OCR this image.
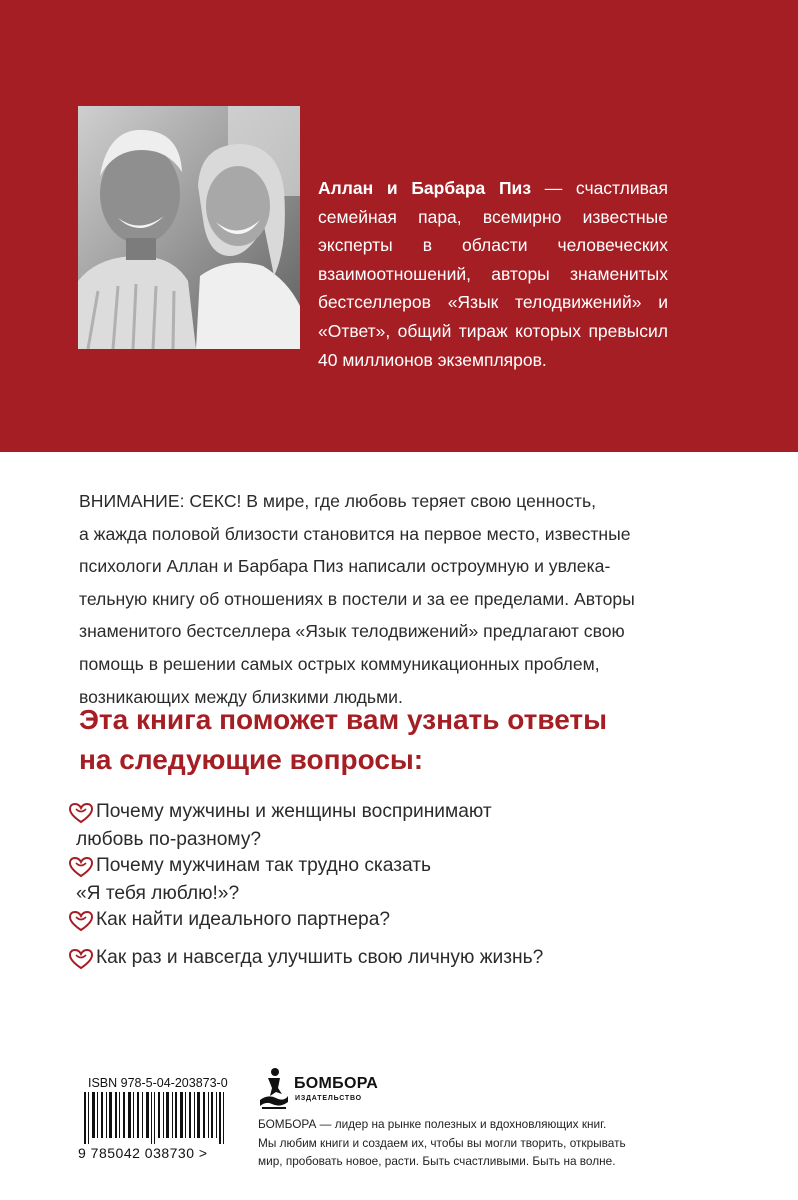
Аллан и Барбара Пиз — счастливая семейная пара, всемирно известные эксперты в области человеческих взаимоотношений, авторы знаменитых бестселлеров «Язык телодвижений» и «Ответ», общий тираж которых превысил 40 миллионов экземпляров.
ВНИМАНИЕ: СЕКС! В мире, где любовь теряет свою ценность,
а жажда половой близости становится на первое место, известные
психологи Аллан и Барбара Пиз написали остроумную и увлека-
тельную книгу об отношениях в постели и за ее пределами. Авторы
знаменитого бестселлера «Язык телодвижений» предлагают свою
помощь в решении самых острых коммуникационных проблем,
возникающих между близкими людьми.
Эта книга поможет вам узнать ответы
на следующие вопросы:
Почему мужчины и женщины воспринимают
любовь по-разному?
Почему мужчинам так трудно сказать
«Я тебя люблю!»?
Как найти идеального партнера?
Как раз и навсегда улучшить свою личную жизнь?
ISBN 978-5-04-203873-0
9 785042 038730 >
БОМБОРА
ИЗДАТЕЛЬСТВО
БОМБОРА — лидер на рынке полезных и вдохновляющих книг.
Мы любим книги и создаем их, чтобы вы могли творить, открывать
мир, пробовать новое, расти. Быть счастливыми. Быть на волне.
